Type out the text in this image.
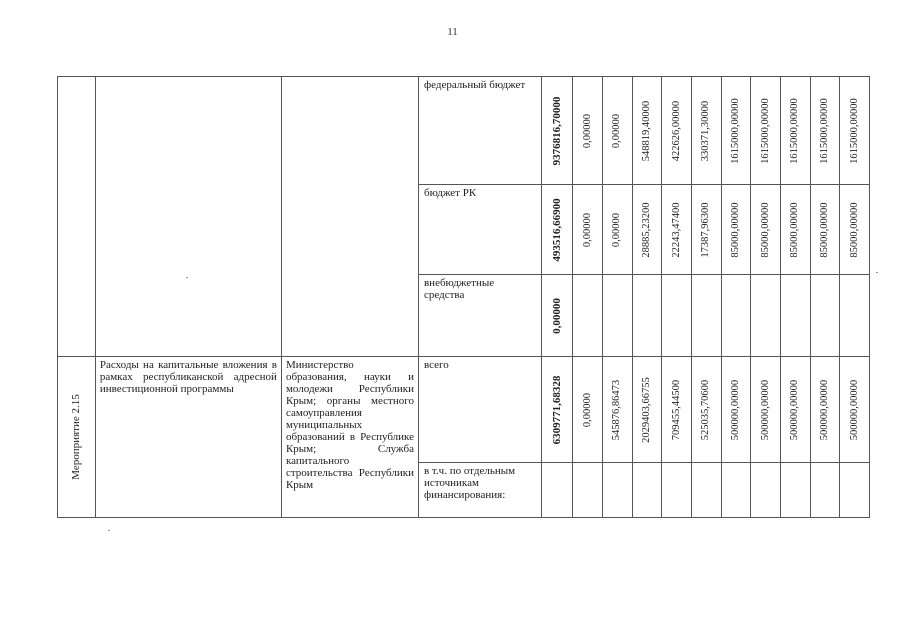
11

			федеральный бюджет	9376816,70000	0,00000	0,00000	548819,40000	422626,00000	330371,30000	1615000,00000	1615000,00000	1615000,00000	1615000,00000	1615000,00000

			бюджет РК	493516,66900	0,00000	0,00000	28885,23200	22243,47400	17387,96300	85000,00000	85000,00000	85000,00000	85000,00000	85000,00000

			внебюджетные средства	0,00000										

Мероприятие 2.15	Расходы на капитальные вложения в рамках республиканской адресной инвестиционной программы	Министерство образования, науки и молодежи Республики Крым; органы местного самоуправления муниципальных образований в Республике Крым; Служба капитального строительства Республики Крым	всего	6309771,68328	0,00000	545876,86473	2029403,66755	709455,44500	525035,70600	500000,00000	500000,00000	500000,00000	500000,00000	500000,00000

			в т.ч. по отдельным источникам финансирования:											
